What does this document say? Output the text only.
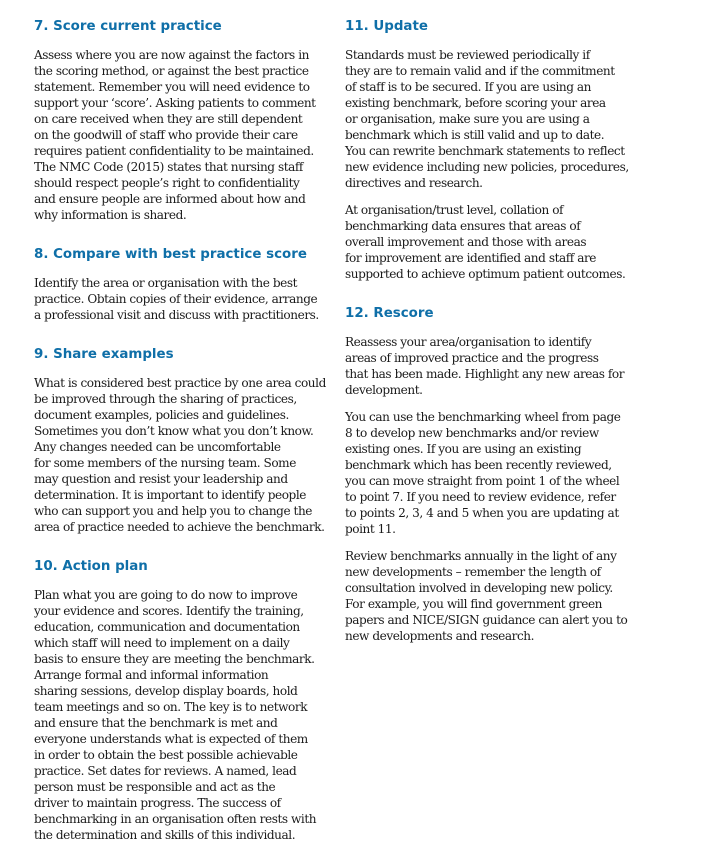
7. Score current practice

Assess where you are now against the factors in
the scoring method, or against the best practice
statement. Remember you will need evidence to
support your ‘score’. Asking patients to comment
on care received when they are still dependent
on the goodwill of staff who provide their care
requires patient confidentiality to be maintained.
The NMC Code (2015) states that nursing staff
should respect people’s right to confidentiality
and ensure people are informed about how and
why information is shared.

8. Compare with best practice score

Identify the area or organisation with the best
practice. Obtain copies of their evidence, arrange
a professional visit and discuss with practitioners.

9. Share examples

What is considered best practice by one area could
be improved through the sharing of practices,
document examples, policies and guidelines.
Sometimes you don’t know what you don’t know.
Any changes needed can be uncomfortable
for some members of the nursing team. Some
may question and resist your leadership and
determination. It is important to identify people
who can support you and help you to change the
area of practice needed to achieve the benchmark.

10. Action plan

Plan what you are going to do now to improve
your evidence and scores. Identify the training,
education, communication and documentation
which staff will need to implement on a daily
basis to ensure they are meeting the benchmark.
Arrange formal and informal information
sharing sessions, develop display boards, hold
team meetings and so on. The key is to network
and ensure that the benchmark is met and
everyone understands what is expected of them
in order to obtain the best possible achievable
practice. Set dates for reviews. A named, lead
person must be responsible and act as the
driver to maintain progress. The success of
benchmarking in an organisation often rests with
the determination and skills of this individual.

11. Update

Standards must be reviewed periodically if
they are to remain valid and if the commitment
of staff is to be secured. If you are using an
existing benchmark, before scoring your area
or organisation, make sure you are using a
benchmark which is still valid and up to date.
You can rewrite benchmark statements to reflect
new evidence including new policies, procedures,
directives and research.

At organisation/trust level, collation of
benchmarking data ensures that areas of
overall improvement and those with areas
for improvement are identified and staff are
supported to achieve optimum patient outcomes.

12. Rescore

Reassess your area/organisation to identify
areas of improved practice and the progress
that has been made. Highlight any new areas for
development.

You can use the benchmarking wheel from page
8 to develop new benchmarks and/or review
existing ones. If you are using an existing
benchmark which has been recently reviewed,
you can move straight from point 1 of the wheel
to point 7. If you need to review evidence, refer
to points 2, 3, 4 and 5 when you are updating at
point 11.

Review benchmarks annually in the light of any
new developments – remember the length of
consultation involved in developing new policy.
For example, you will find government green
papers and NICE/SIGN guidance can alert you to
new developments and research.
